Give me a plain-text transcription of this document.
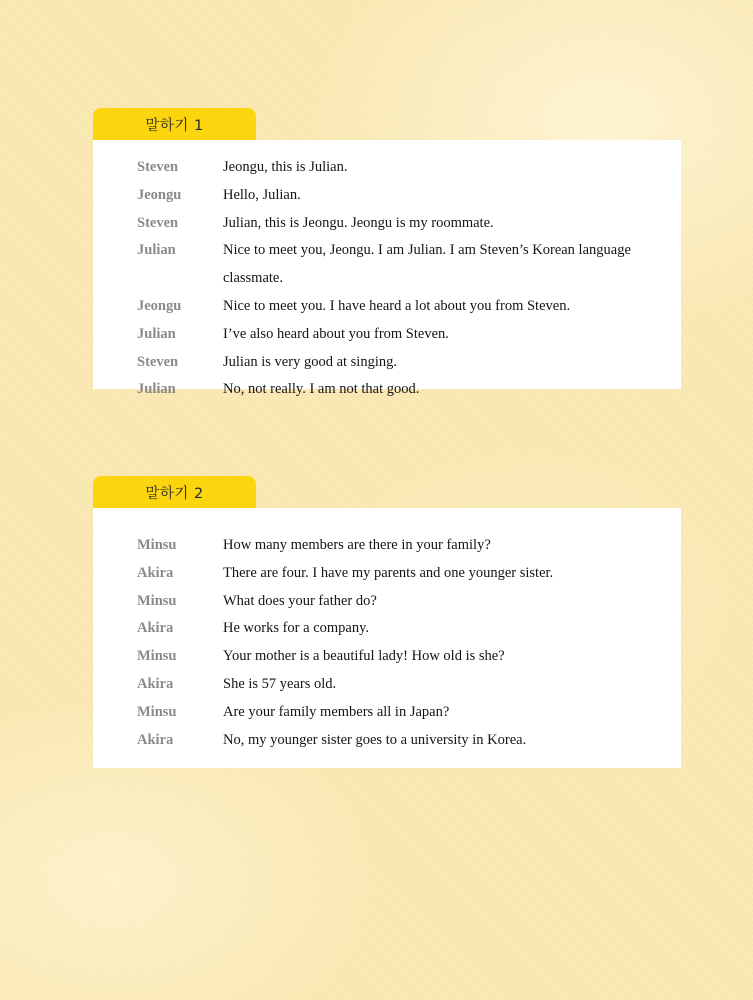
말하기 1
Steven	Jeongu, this is Julian.
Jeongu	Hello, Julian.
Steven	Julian, this is Jeongu. Jeongu is my roommate.
Julian	Nice to meet you, Jeongu. I am Julian. I am Steven’s Korean language classmate.
Jeongu	Nice to meet you. I have heard a lot about you from Steven.
Julian	I’ve also heard about you from Steven.
Steven	Julian is very good at singing.
Julian	No, not really. I am not that good.
말하기 2
Minsu	How many members are there in your family?
Akira	There are four. I have my parents and one younger sister.
Minsu	What does your father do?
Akira	He works for a company.
Minsu	Your mother is a beautiful lady! How old is she?
Akira	She is 57 years old.
Minsu	Are your family members all in Japan?
Akira	No, my younger sister goes to a university in Korea.
